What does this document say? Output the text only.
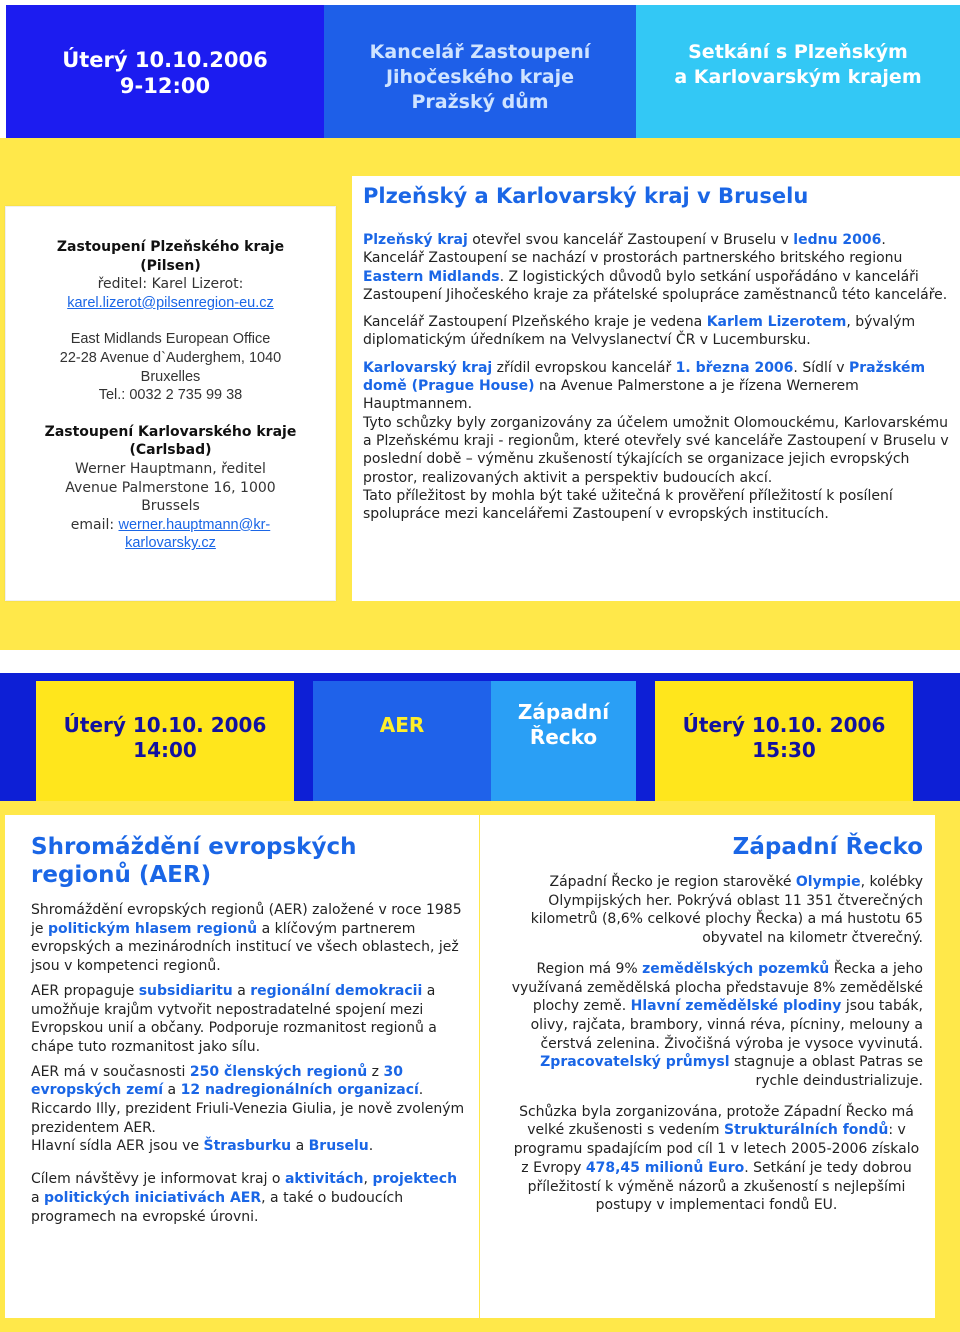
Úterý 10.10.2006
9-12:00
Kancelář Zastoupení
Jihočeského kraje
Pražský dům
Setkání s Plzeňským
a Karlovarským krajem
Zastoupení Plzeňského kraje
(Pilsen)
ředitel: Karel Lizerot:
karel.lizerot@pilsenregion-eu.cz
East Midlands European Office
22-28 Avenue d`Auderghem, 1040
Bruxelles
Tel.: 0032 2 735 99 38
Zastoupení Karlovarského kraje
(Carlsbad)
Werner Hauptmann, ředitel
Avenue Palmerstone 16, 1000
Brussels
email: werner.hauptmann@kr-
karlovarsky.cz
Plzeňský a Karlovarský kraj v Bruselu

Plzeňský kraj otevřel svou kancelář Zastoupení v Bruselu v lednu 2006. Kancelář Zastoupení se nachází v prostorách partnerského britského regionu Eastern Midlands. Z logistických důvodů bylo setkání uspořádáno v kanceláři Zastoupení Jihočeského kraje za přátelské spolupráce zaměstnanců této kanceláře.

Kancelář Zastoupení Plzeňského kraje je vedena Karlem Lizerotem, bývalým diplomatickým úředníkem na Velvyslanectví ČR v Lucembursku.

Karlovarský kraj zřídil evropskou kancelář 1. března 2006. Sídlí v Pražském domě (Prague House) na Avenue Palmerstone a je řízena Wernerem Hauptmannem.

Tyto schůzky byly zorganizovány za účelem umožnit Olomouckému, Karlovarskému a Plzeňskému kraji - regionům, které otevřely své kanceláře Zastoupení v Bruselu v poslední době – výměnu zkušeností týkajících se organizace jejich evropských prostor, realizovaných aktivit a perspektiv budoucích akcí.

Tato příležitost by mohla být také užitečná k prověření příležitostí k posílení spolupráce mezi kancelářemi Zastoupení v evropských institucích.

Úterý 10.10. 2006
14:00
AER
Západní
Řecko	Úterý 10.10. 2006
15:30
Shromáždění evropských
regionů (AER)

Shromáždění evropských regionů (AER) založené v roce 1985 je politickým hlasem regionů a klíčovým partnerem evropských a mezinárodních institucí ve všech oblastech, jež jsou v kompetenci regionů.

AER propaguje subsidiaritu a regionální demokracii a umožňuje krajům vytvořit nepostradatelné spojení mezi Evropskou unií a občany. Podporuje rozmanitost regionů a chápe tuto rozmanitost jako sílu.

AER má v současnosti 250 členských regionů z 30 evropských zemí a 12 nadregionálních organizací. Riccardo Illy, prezident Friuli-Venezia Giulia, je nově zvoleným prezidentem AER.

Hlavní sídla AER jsou ve Štrasburku a Bruselu.

Cílem návštěvy je informovat kraj o aktivitách, projektech a politických iniciativách AER, a také o budoucích programech na evropské úrovni.

Západní Řecko

Západní Řecko je region starověké Olympie, kolébky Olympijských her. Pokrývá oblast 11 351 čtverečných kilometrů (8,6% celkové plochy Řecka) a má hustotu 65 obyvatel na kilometr čtverečný.

Region má 9% zemědělských pozemků Řecka a jeho využívaná zemědělská plocha představuje 8% zemědělské plochy země. Hlavní zemědělské plodiny jsou tabák, olivy, rajčata, brambory, vinná réva, pícniny, melouny a čerstvá zelenina. Živočišná výroba je vysoce vyvinutá. Zpracovatelský průmysl stagnuje a oblast Patras se rychle deindustrializuje.

Schůzka byla zorganizována, protože Západní Řecko má velké zkušenosti s vedením Strukturálních fondů: v programu spadajícím pod cíl 1 v letech 2005-2006 získalo z Evropy 478,45 milionů Euro. Setkání je tedy dobrou příležitostí k výměně názorů a zkušeností s nejlepšími postupy v implementaci fondů EU.
